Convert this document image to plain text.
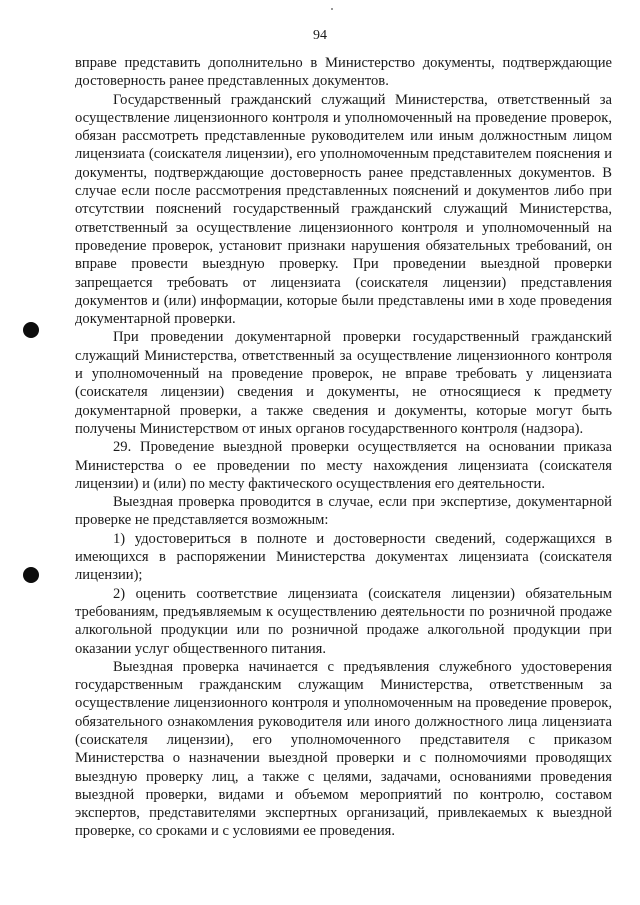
94

вправе представить дополнительно в Министерство документы, подтверждающие достоверность ранее представленных документов.

Государственный гражданский служащий Министерства, ответственный за осуществление лицензионного контроля и уполномоченный на проведение проверок, обязан рассмотреть представленные руководителем или иным должностным лицом лицензиата (соискателя лицензии), его уполномоченным представителем пояснения и документы, подтверждающие достоверность ранее представленных документов. В случае если после рассмотрения представленных пояснений и документов либо при отсутствии пояснений государственный гражданский служащий Министерства, ответственный за осуществление лицензионного контроля и уполномоченный на проведение проверок, установит признаки нарушения обязательных требований, он вправе провести выездную проверку. При проведении выездной проверки запрещается требовать от лицензиата (соискателя лицензии) представления документов и (или) информации, которые были представлены ими в ходе проведения документарной проверки.

При проведении документарной проверки государственный гражданский служащий Министерства, ответственный за осуществление лицензионного контроля и уполномоченный на проведение проверок, не вправе требовать у лицензиата (соискателя лицензии) сведения и документы, не относящиеся к предмету документарной проверки, а также сведения и документы, которые могут быть получены Министерством от иных органов государственного контроля (надзора).

29. Проведение выездной проверки осуществляется на основании приказа Министерства о ее проведении по месту нахождения лицензиата (соискателя лицензии) и (или) по месту фактического осуществления его деятельности.

Выездная проверка проводится в случае, если при экспертизе, документарной проверке не представляется возможным:

1) удостовериться в полноте и достоверности сведений, содержащихся в имеющихся в распоряжении Министерства документах лицензиата (соискателя лицензии);

2) оценить соответствие лицензиата (соискателя лицензии) обязательным требованиям, предъявляемым к осуществлению деятельности по розничной продаже алкогольной продукции или по розничной продаже алкогольной продукции при оказании услуг общественного питания.

Выездная проверка начинается с предъявления служебного удостоверения государственным гражданским служащим Министерства, ответственным за осуществление лицензионного контроля и уполномоченным на проведение проверок, обязательного ознакомления руководителя или иного должностного лица лицензиата (соискателя лицензии), его уполномоченного представителя с приказом Министерства о назначении выездной проверки и с полномочиями проводящих выездную проверку лиц, а также с целями, задачами, основаниями проведения выездной проверки, видами и объемом мероприятий по контролю, составом экспертов, представителями экспертных организаций, привлекаемых к выездной проверке, со сроками и с условиями ее проведения.
